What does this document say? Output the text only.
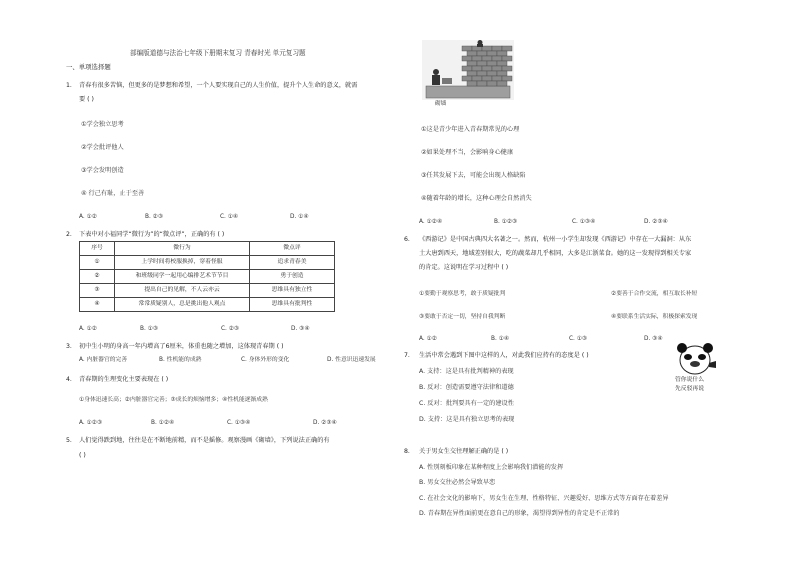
部编版道德与法治七年级下册期末复习 青春时光 单元复习题
一、单项选择题
1. 青春有很多苦恼，但更多的是梦想和希望，一个人要实现自己的人生价值，提升个人生命的意义，就需
要 ( )
①学会独立思考
②学会批评他人
③学会发明创造
④ 行己有耻，止于至善
A. ①②	B. ②③	C. ①④	D. ①④
2. 下表中对小福同学“微行为”的“微点评”，正确的有 ( )
序号	微行为	微点评
①	上学时间将校服换掉，穿着怪服	追求青春美
②	和班级同学一起用心编排艺术节节目	勇于创造
③	提出自己的见解，不人云亦云	思维具有独立性
④	常常质疑别人，总是挑出他人观点	思维具有批判性
A. ①②	B. ①③	C. ②③	D. ③④
3. 初中生小明的身高一年内增高了6厘米，体重也随之增加，这体现青春期 ( )
A. 内脏器官的完善	B. 性机能的成熟	C. 身体外形的变化	D. 性意识迅速发展
4. 青春期的生理变化主要表现在 ( )
①身体迅速长高；②内脏器官完善；③成长的烦恼增多；④性机能逐渐成熟
A. ①②③	B. ①②④	C. ①③④	D. ②③④
5. 人们觉得跌到地，往往是在不断地前精，而不是摇修。观察漫画《砌墙》，下列说法正确的有
( )
砌墙
①这是青少年进入青春期常见的心理
②如果处理不当，会影响身心健康
③任其发展下去，可能会出现人格缺陷
④随着年龄的增长，这种心理会自然消失
A. ①②④	B. ①②③	C. ①③④	D. ②③④
6. 《西游记》是中国古典四大名著之一。然而，杭州一小学生却发现《西游记》中存在一大漏洞：从东
土大唐到西天，地域差别很大，吃的蔬菜却几乎相同，大多是江浙菜食。她的这一发现得到相关专家
的肯定。这说明在学习过程中 ( )
①要勤于观察思考，敢于质疑批判	②要善于合作交流，相互取长补短
③要敢于否定一切，坚持自我判断	④要联系生活实际，积极探索发现
A. ①②	B. ①④	C. ①③	D. ③④
7. 生活中常会遇到下图中这样的人，对此我们应持有的态度是 ( )
A. 支持：这是具有批判精神的表现
B. 反对：创造需要遵守法律和道德
C. 反对：批判要具有一定的建设性
D. 支持：这是具有独立思考的表现
管你说什么
先反驳再说
8. 关于男女生交往理解正确的是 ( )
A. 性别刻板印象在某种程度上会影响我们潜能的发挥
B. 男女交往必然会导致早恋
C. 在社会文化的影响下，男女生在生理、性格特征、兴趣爱好、思维方式等方面存在着差异
D. 青春期在异性面前更在意自己的形象，渴望得到异性的肯定是不正常的
